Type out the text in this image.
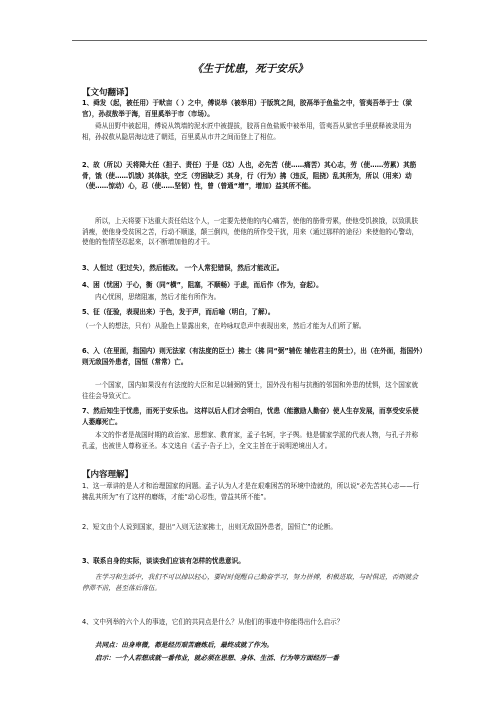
《生于忧患，死于安乐》
【文句翻译】
1、舜发（起，被任用）于畎亩（ ）之中，傅说举（被举用）于版筑之间，胶鬲举于鱼盐之中，管夷吾举于士（狱官），孙叔敖举于海，百里奚举于市（市场）。
舜从田野中被起用，傅说从筑墙的泥水匠中被提拔，胶鬲自鱼盐贩中被举用，管夷吾从狱官手里获释被录用为相，孙叔敖从隐居海边进了朝廷，百里奚从市井之间而登上了相位。
2、故（所以）天将降大任（担子、责任）于是（这）人也，必先苦（使……痛苦）其心志，劳（使……劳累）其筋骨，饿（使……饥饿）其体肤，空乏（穷困缺乏）其身，行（行为）拂（违反，阻挠）乱其所为，所以（用来）动（使……惊动）心，忍（使……坚韧）性，曾（曾通“增”，增加）益其所不能。
所以，上天将要下达重大责任给这个人，一定要先使他的内心痛苦，使他的筋骨劳累，使他受饥挨饿，以致肌肤消瘦，使他身受贫困之苦，行动不顺遂，颠三倒四，使他的所作受干扰，用来（通过那样的途径）来使他的心警动，使他的性情坚忍起来，以不断增加他的才干。
3、人恒过（犯过失），然后能改。 一个人常犯错误，然后才能改正。
4、困（忧困）于心，衡（同“横”，阻塞，不顺畅）于虑，而后作（作为，奋起）。
内心忧困，思绪阻塞，然后才能有所作为。
5、征（征验，表现出来）于色，发于声，而后喻（明白，了解）。
（一个人的想法，只有）从脸色上显露出来，在吟咏叹息声中表现出来，然后才能为人们所了解。
6、入（在里面，指国内）则无法家（有法度的臣士）拂士（拂 同“弼”辅佐 辅佐君主的贤士），出（在外面，指国外）则无敌国外患者，国恒（常常）亡。
一个国家，国内如果没有有法度的大臣和足以辅弼的贤士，国外没有相与抗衡的邻国和外患的忧惧，这个国家就往往会导致灭亡。
7、然后知生于忧患，而死于安乐也。 这样以后人们才会明白，忧患（能激励人勤奋）使人生存发展，而享受安乐使人萎靡死亡。
本文的作者是战国时期的政治家、思想家、教育家，孟子名轲，字子舆。他是儒家学派的代表人物，与孔子并称孔孟，也被世人尊称亚圣。本文选自《孟子·告子上》，全文主旨在于说明逆境出人才。
【内容理解】
1、这一章讲的是人才和治理国家的问题。孟子认为人才是在艰难困苦的环境中造就的，所以说“必先苦其心志——行拂乱其所为”有了这样的磨练，才能“动心忍性，曾益其所不能”。
2、短文由个人说到国家，提出“入则无法家拂士，出则无敌国外患者，国恒亡”的论断。
3、联系自身的实际，谈谈我们应该有怎样的忧患意识。
在学习和生活中，我们不可以掉以轻心，要时时提醒自己勤奋学习，努力拼搏，积极进取，与时俱进，否则就会停滞不前，甚至落后落伍。
4、文中列举的六个人的事迹，它们的共同点是什么？从他们的事迹中你能得出什么启示？
共同点：出身卑微，都是经历艰苦磨炼后，最终成就了作为。
启示：一个人若想成就一番伟业，就必须在思想、身体、生活、行为等方面经历一番
